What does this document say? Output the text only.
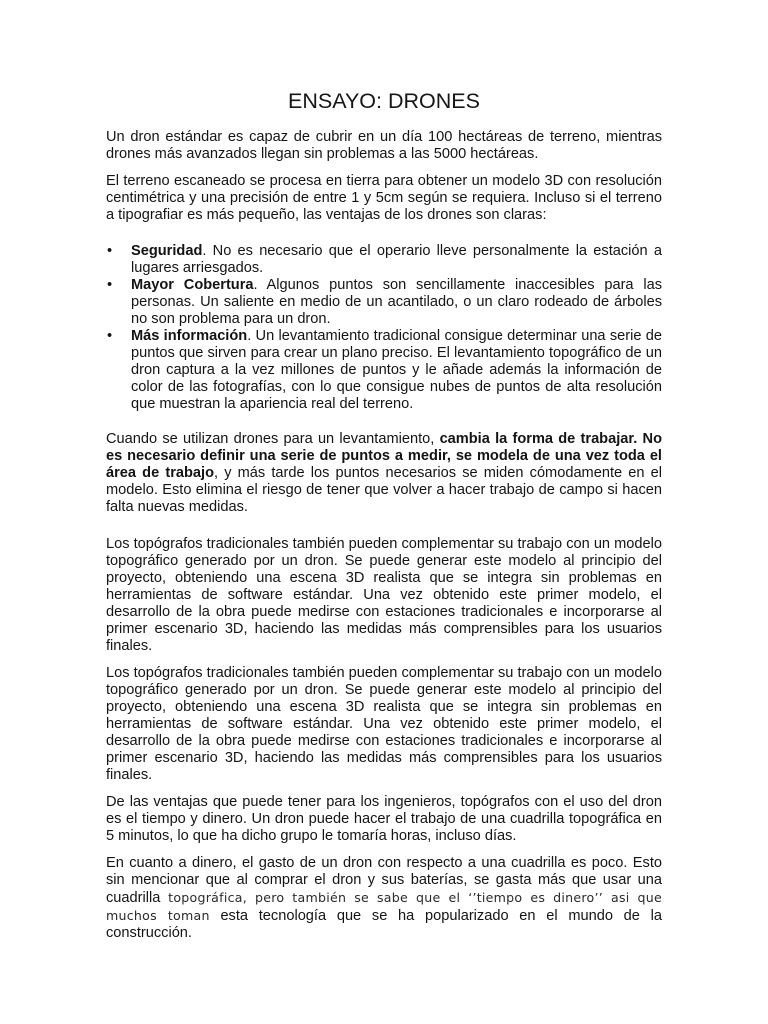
ENSAYO: DRONES

Un dron estándar es capaz de cubrir en un día 100 hectáreas de terreno, mientras drones más avanzados llegan sin problemas a las 5000 hectáreas.

El terreno escaneado se procesa en tierra para obtener un modelo 3D con resolución centimétrica y una precisión de entre 1 y 5cm según se requiera. Incluso si el terreno a tipografiar es más pequeño, las ventajas de los drones son claras:

• Seguridad. No es necesario que el operario lleve personalmente la estación a lugares arriesgados.
• Mayor Cobertura. Algunos puntos son sencillamente inaccesibles para las personas. Un saliente en medio de un acantilado, o un claro rodeado de árboles no son problema para un dron.
• Más información. Un levantamiento tradicional consigue determinar una serie de puntos que sirven para crear un plano preciso. El levantamiento topográfico de un dron captura a la vez millones de puntos y le añade además la información de color de las fotografías, con lo que consigue nubes de puntos de alta resolución que muestran la apariencia real del terreno.

Cuando se utilizan drones para un levantamiento, cambia la forma de trabajar. No es necesario definir una serie de puntos a medir, se modela de una vez toda el área de trabajo, y más tarde los puntos necesarios se miden cómodamente en el modelo. Esto elimina el riesgo de tener que volver a hacer trabajo de campo si hacen falta nuevas medidas.

Los topógrafos tradicionales también pueden complementar su trabajo con un modelo topográfico generado por un dron. Se puede generar este modelo al principio del proyecto, obteniendo una escena 3D realista que se integra sin problemas en herramientas de software estándar. Una vez obtenido este primer modelo, el desarrollo de la obra puede medirse con estaciones tradicionales e incorporarse al primer escenario 3D, haciendo las medidas más comprensibles para los usuarios finales.

Los topógrafos tradicionales también pueden complementar su trabajo con un modelo topográfico generado por un dron. Se puede generar este modelo al principio del proyecto, obteniendo una escena 3D realista que se integra sin problemas en herramientas de software estándar. Una vez obtenido este primer modelo, el desarrollo de la obra puede medirse con estaciones tradicionales e incorporarse al primer escenario 3D, haciendo las medidas más comprensibles para los usuarios finales.

De las ventajas que puede tener para los ingenieros, topógrafos con el uso del dron es el tiempo y dinero. Un dron puede hacer el trabajo de una cuadrilla topográfica en 5 minutos, lo que ha dicho grupo le tomaría horas, incluso días.

En cuanto a dinero, el gasto de un dron con respecto a una cuadrilla es poco. Esto sin mencionar que al comprar el dron y sus baterías, se gasta más que usar una cuadrilla topográfica, pero también se sabe que el ‘’tiempo es dinero’’ asi que muchos toman esta tecnología que se ha popularizado en el mundo de la construcción.
